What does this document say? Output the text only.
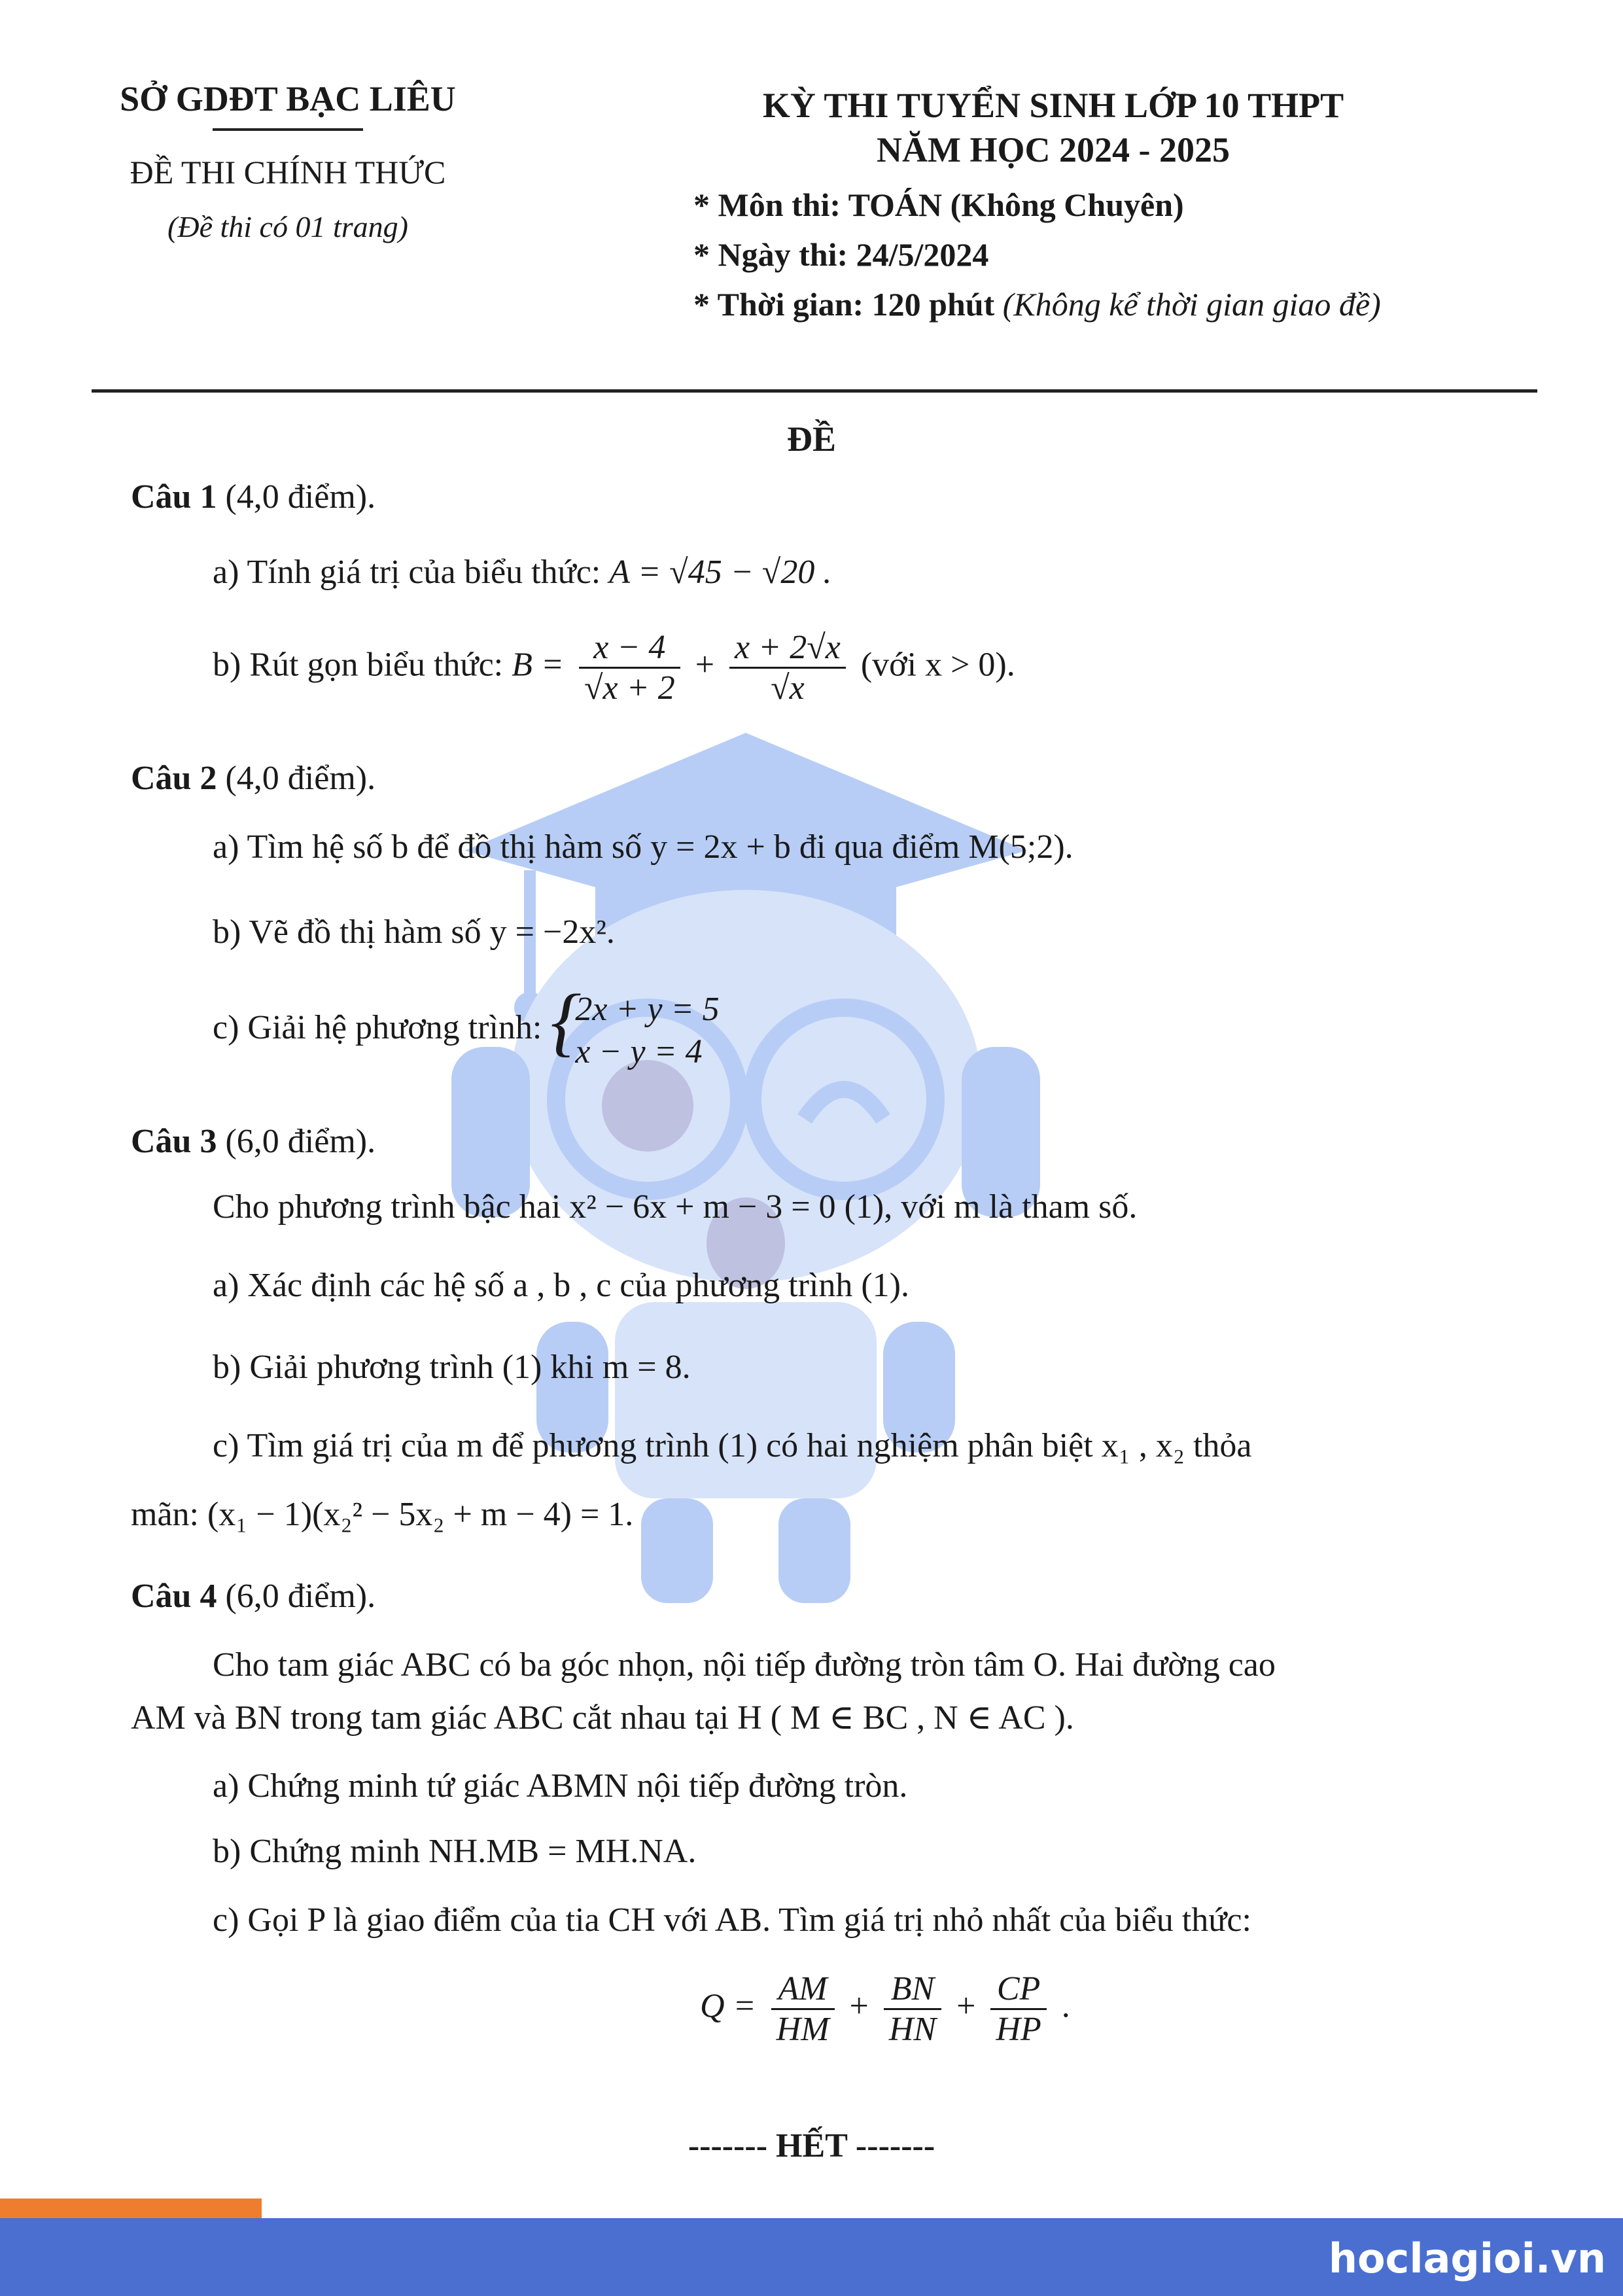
SỞ GDĐT BẠC LIÊU
ĐỀ THI CHÍNH THỨC
(Đề thi có 01 trang)
KỲ THI TUYỂN SINH LỚP 10 THPT
NĂM HỌC 2024 - 2025
* Môn thi: TOÁN (Không Chuyên)
* Ngày thi: 24/5/2024
* Thời gian: 120 phút (Không kể thời gian giao đề)
ĐỀ
Câu 1 (4,0 điểm).
a) Tính giá trị của biểu thức: A = √45 − √20 .
b) Rút gọn biểu thức: $B = \frac{x - 4}{√x + 2} + \frac{x + 2√x}{√x}$ (với x > 0).
Câu 2 (4,0 điểm).
a) Tìm hệ số b để đồ thị hàm số y = 2x + b đi qua điểm M(5;2).
b) Vẽ đồ thị hàm số y = −2x².
c) Giải hệ phương trình: {
2x + y = 5
x − y = 4
Câu 3 (6,0 điểm).
Cho phương trình bậc hai x² − 6x + m − 3 = 0 (1), với m là tham số.
a) Xác định các hệ số a , b , c của phương trình (1).
b) Giải phương trình (1) khi m = 8.
c) Tìm giá trị của m để phương trình (1) có hai nghiệm phân biệt x₁ , x₂ thỏa
mãn: (x₁ − 1)(x₂² − 5x₂ + m − 4) = 1.
Câu 4 (6,0 điểm).
Cho tam giác ABC có ba góc nhọn, nội tiếp đường tròn tâm O. Hai đường cao
AM và BN trong tam giác ABC cắt nhau tại H ( M ∈ BC , N ∈ AC ).
a) Chứng minh tứ giác ABMN nội tiếp đường tròn.
b) Chứng minh NH.MB = MH.NA.
c) Gọi P là giao điểm của tia CH với AB. Tìm giá trị nhỏ nhất của biểu thức:
$Q = \frac{AM}{HM} + \frac{BN}{HN} + \frac{CP}{HP}$ .
------- HẾT -------
hoclagioi.vn
